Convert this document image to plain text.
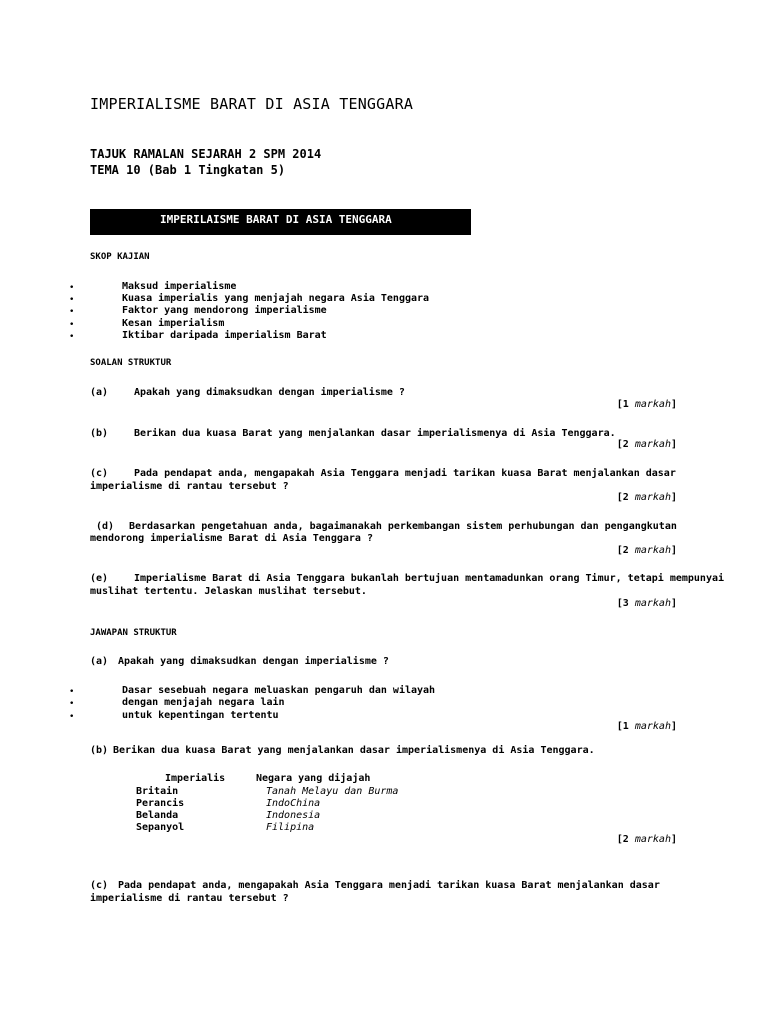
IMPERIALISME BARAT DI ASIA TENGGARA
TAJUK RAMALAN SEJARAH 2 SPM 2014
TEMA 10 (Bab 1 Tingkatan 5)
IMPERILAISME BARAT DI ASIA TENGGARA
SKOP KAJIAN
•	Maksud imperialisme
•	Kuasa imperialis yang menjajah negara Asia Tenggara
•	Faktor yang mendorong imperialisme
•	Kesan imperialism
•	Iktibar daripada imperialism Barat
SOALAN STRUKTUR
(a)	Apakah yang dimaksudkan dengan imperialisme ?
[1 markah]
(b)	Berikan dua kuasa Barat yang menjalankan dasar imperialismenya di Asia Tenggara.
[2 markah]
(c)	Pada pendapat anda, mengapakah Asia Tenggara menjadi tarikan kuasa Barat menjalankan dasar
imperialisme di rantau tersebut ?
[2 markah]
(d) Berdasarkan pengetahuan anda, bagaimanakah perkembangan sistem perhubungan dan pengangkutan
mendorong imperialisme Barat di Asia Tenggara ?
[2 markah]
(e)	Imperialisme Barat di Asia Tenggara bukanlah bertujuan mentamadunkan orang Timur, tetapi mempunyai
muslihat tertentu. Jelaskan muslihat tersebut.
[3 markah]
JAWAPAN STRUKTUR
(a) Apakah yang dimaksudkan dengan imperialisme ?
•	Dasar sesebuah negara meluaskan pengaruh dan wilayah
•	dengan menjajah negara lain
•	untuk kepentingan tertentu
[1 markah]
(b) Berikan dua kuasa Barat yang menjalankan dasar imperialismenya di Asia Tenggara.
Imperialis	Negara yang dijajah
Britain	Tanah Melayu dan Burma
Perancis	IndoChina
Belanda	Indonesia
Sepanyol	Filipina
[2 markah]
(c) Pada pendapat anda, mengapakah Asia Tenggara menjadi tarikan kuasa Barat menjalankan dasar
imperialisme di rantau tersebut ?
